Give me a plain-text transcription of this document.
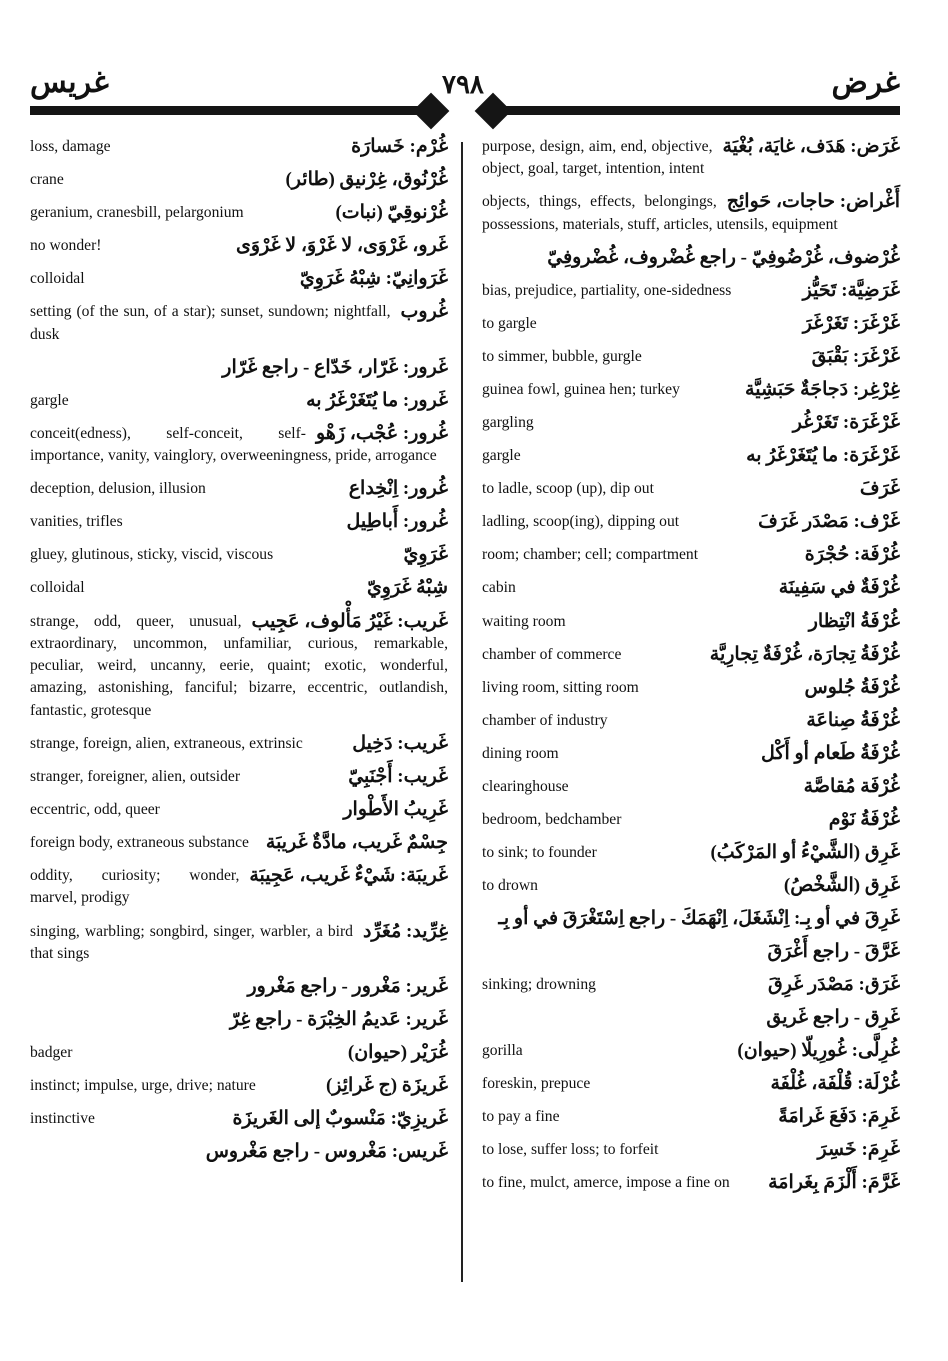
غريس	٧٩٨	غرض
غُرْم: خَسارَة
loss, damage
غُرْنُوق، غِرْنيق (طائر)
crane
غُرْنوقِيّ (نبات)
geranium, cranesbill, pelargonium
غَرو، غَرْوَى، لا غَرْوَ، لا غَرْوَى
no wonder!
غَرَوانِيّ: شِبْهُ غَرَوِيّ
colloidal
غُروب
setting (of the sun, of a star); sunset, sundown; nightfall, dusk
غَرور: غَرّار، خَدّاع - راجع غَرّار
غَرور: ما يُتَغَرْغَرُ به
gargle
غُرور: عُجْب، زَهْو
conceit(edness), self-conceit, self-importance, vanity, vainglory, overweeningness, pride, arrogance
غُرور: اِنْخِداع
deception, delusion, illusion
غُرور: أَباطِيل
vanities, trifles
غَرَوِيّ
gluey, glutinous, sticky, viscid, viscous
شِبْهُ غَرَوِيّ
colloidal
غَريب: غَيْرُ مَأْلوف، عَجِيب
strange, odd, queer, unusual, extraordinary, uncommon, unfamiliar, curious, remarkable, peculiar, weird, uncanny, eerie, quaint; exotic, wonderful, amazing, astonishing, fanciful; bizarre, eccentric, outlandish, fantastic, grotesque
غَريب: دَخِيل
strange, foreign, alien, extraneous, extrinsic
غَريب: أَجْنَبِيّ
stranger, foreigner, alien, outsider
غَرِيبُ الأَطْوار
eccentric, odd, queer
جِسْمٌ غَريب، مادَّةٌ غَريبَة
foreign body, extraneous substance
غَريبَة: شَيْءٌ غَريب، عَجِيبَة
oddity, curiosity; wonder, marvel, prodigy
غِرِّيد: مُغَرِّد
singing, warbling; songbird, singer, warbler, a bird that sings
غَرير: مَغْرور - راجع مَغْرور
غَرير: عَديمُ الخِبْرَة - راجع غِرّ
غُرَيْر (حيوان)
badger
غَريزَة (ج غَرائِز)
instinct; impulse, urge, drive; nature
غَريزِيّ: مَنْسوبٌ إلى الغَريزَة
instinctive
غَريس: مَغْروس - راجع مَغْروس
غَرَض: هَدَف، غايَة، بُغْيَة
purpose, design, aim, end, objective, object, goal, target, intention, intent
أَغْراض: حاجات، حَوائِج
objects, things, effects, belongings, possessions, materials, stuff, articles, utensils, equipment
غُرْضوف، غُرْضُوفِيّ - راجع غُضْروف، غُضْروفِيّ
غَرَضِيَّة: تَحَيُّز
bias, prejudice, partiality, one-sidedness
غَرْغَرَ: تَغَرْغَرَ
to gargle
غَرْغَرَ: بَقْبَقَ
to simmer, bubble, gurgle
غِرْغِر: دَجاجَةٌ حَبَشِيَّة
guinea fowl, guinea hen; turkey
غَرْغَرَة: تَغَرْغُر
gargling
غَرْغَرَة: ما يُتَغَرْغَرُ به
gargle
غَرَفَ
to ladle, scoop (up), dip out
غَرْف: مَصْدَر غَرَفَ
ladling, scoop(ing), dipping out
غُرْفَة: حُجْرَة
room; chamber; cell; compartment
غُرْفَةٌ في سَفِينَة
cabin
غُرْفَةُ انْتِظار
waiting room
غُرْفَةُ تِجارَة، غُرْفَةٌ تِجارِيَّة
chamber of commerce
غُرْفَةُ جُلوس
living room, sitting room
غُرْفَةُ صِناعَة
chamber of industry
غُرْفَةُ طَعام أو أَكْل
dining room
غُرْفَة مُقاصَّة
clearinghouse
غُرْفَةُ نَوْم
bedroom, bedchamber
غَرِق (الشَّيْءُ أو المَرْكَبُ)
to sink; to founder
غَرِق (الشَّخْصُ)
to drown
غَرِقَ في أو بِـ: اِنْشَغَلَ، اِنْهَمَكَ - راجع اِسْتَغْرَقَ في أو بِـ
غَرَّقَ - راجع أَغْرَقَ
غَرَق: مَصْدَر غَرِقَ
sinking; drowning
غَرِق - راجع غَريق
غُرِلَّى: غُورِيلّا (حيوان)
gorilla
غُرْلَة: قُلْفَة، غُلْفَة
foreskin, prepuce
غَرِمَ: دَفَعَ غَرامَةً
to pay a fine
غَرِمَ: خَسِرَ
to lose, suffer loss; to forfeit
غَرَّمَ: أَلْزَمَ بِغَرامَة
to fine, mulct, amerce, impose a fine on
